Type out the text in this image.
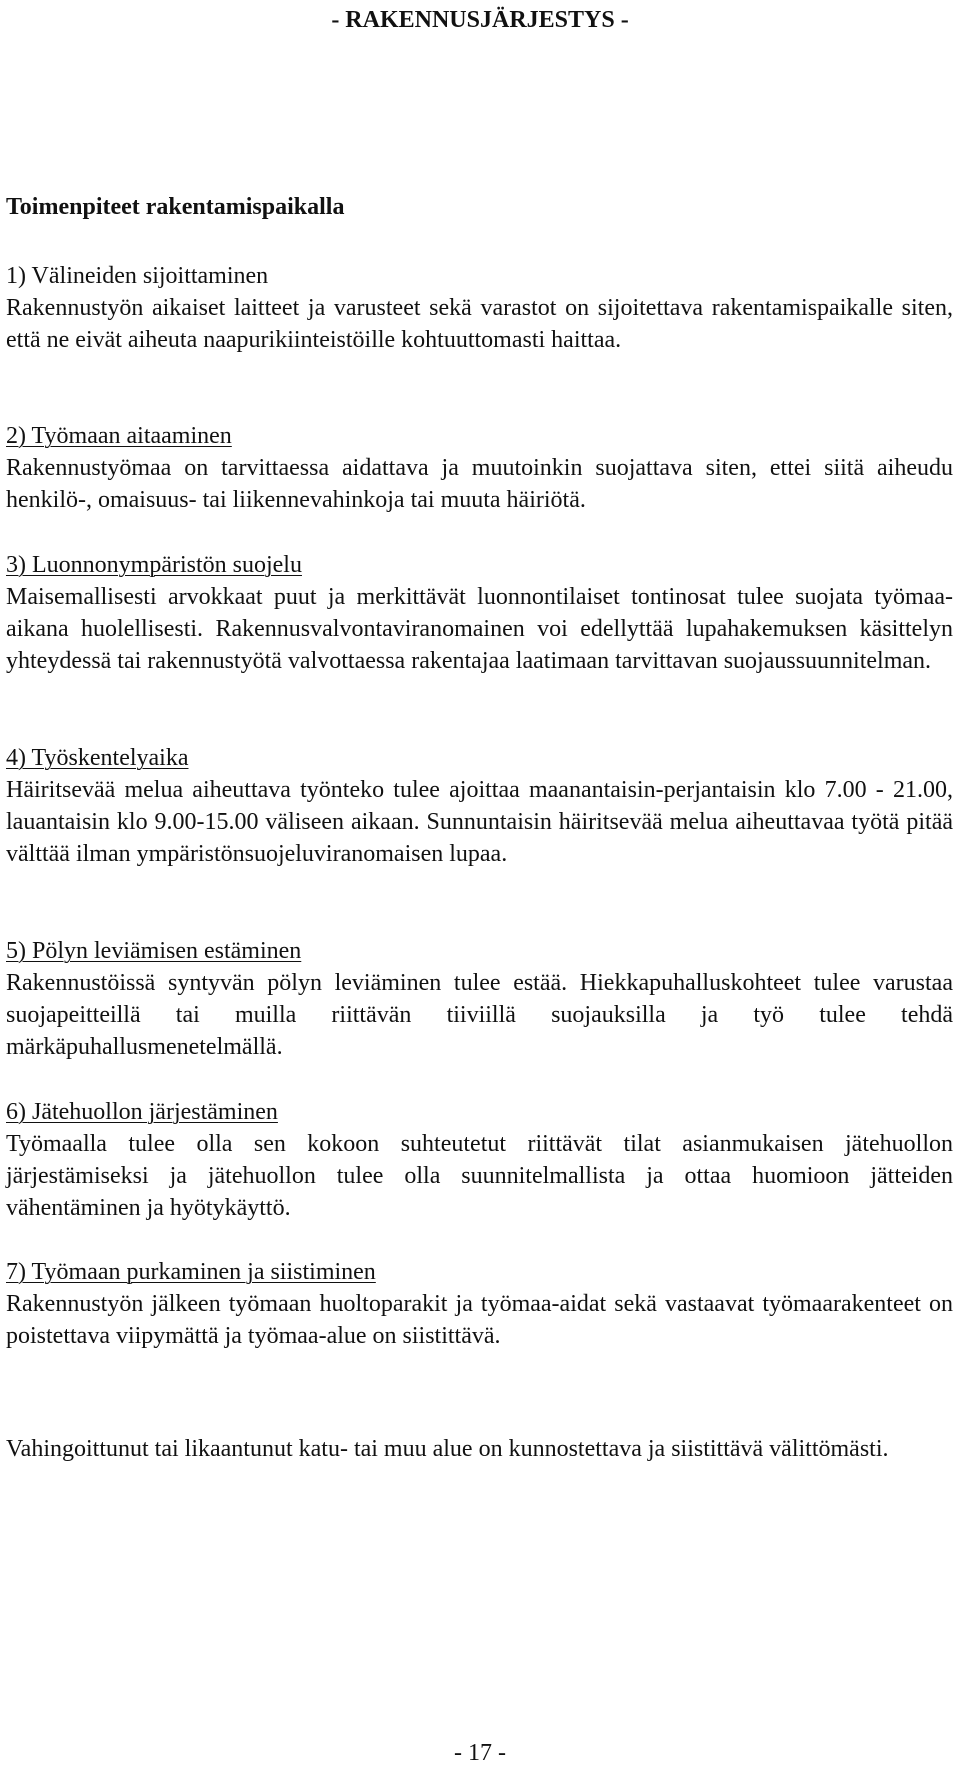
- RAKENNUSJÄRJESTYS -
Toimenpiteet rakentamispaikalla
1) Välineiden sijoittaminen

Rakennustyön aikaiset laitteet ja varusteet sekä varastot on sijoitettava rakentamispaikalle siten, että ne eivät aiheuta naapurikiinteistöille kohtuuttomasti haittaa.

2) Työmaan aitaaminen

Rakennustyömaa on tarvittaessa aidattava ja muutoinkin suojattava siten, ettei siitä aiheudu henkilö-, omaisuus- tai liikennevahinkoja tai muuta häiriötä.

3) Luonnonympäristön suojelu

Maisemallisesti arvokkaat puut ja merkittävät luonnontilaiset tontinosat tulee suojata työmaa-aikana huolellisesti. Rakennusvalvontaviranomainen voi edellyttää lupahakemuksen käsittelyn yhteydessä tai rakennustyötä valvottaessa rakentajaa laatimaan tarvittavan suojaussuunnitelman.

4) Työskentelyaika

Häiritsevää melua aiheuttava työnteko tulee ajoittaa maanantaisin-perjantaisin klo 7.00 - 21.00, lauantaisin klo 9.00-15.00 väliseen aikaan. Sunnuntaisin häiritsevää melua aiheuttavaa työtä pitää välttää ilman ympäristönsuojeluviranomaisen lupaa.

5) Pölyn leviämisen estäminen

Rakennustöissä syntyvän pölyn leviäminen tulee estää. Hiekkapuhalluskohteet tulee varustaa suojapeitteillä tai muilla riittävän tiiviillä suojauksilla ja työ tulee tehdä märkäpuhallusmenetelmällä.

6) Jätehuollon järjestäminen

Työmaalla tulee olla sen kokoon suhteutetut riittävät tilat asianmukaisen jätehuollon järjestämiseksi ja jätehuollon tulee olla suunnitelmallista ja ottaa huomioon jätteiden vähentäminen ja hyötykäyttö.

7) Työmaan purkaminen ja siistiminen

Rakennustyön jälkeen työmaan huoltoparakit ja työmaa-aidat sekä vastaavat työmaarakenteet on poistettava viipymättä ja työmaa-alue on siistittävä.

Vahingoittunut tai likaantunut katu- tai muu alue on kunnostettava ja siistittävä välittömästi.

- 17 -
